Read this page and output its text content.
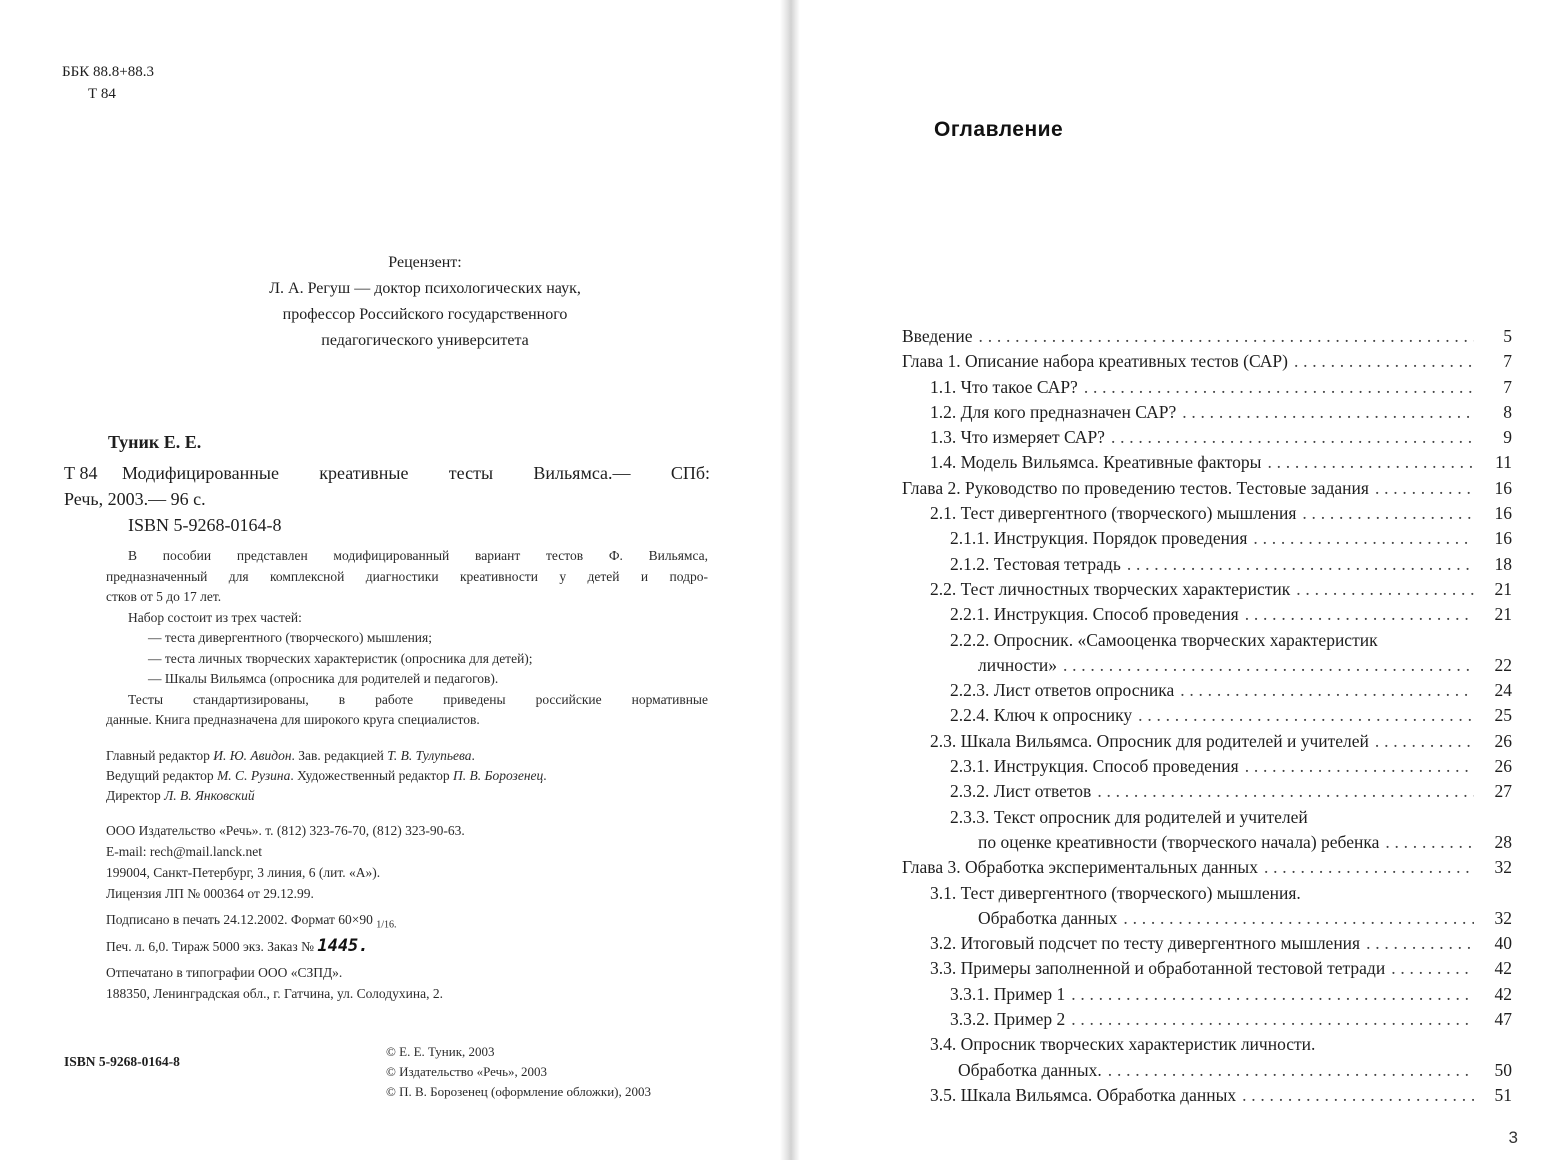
ББК 88.8+88.3
Т 84
Рецензент:
Л. А. Регуш — доктор психологических наук,
профессор Российского государственного
педагогического университета
Туник Е. Е.
Т 84 Модифицированные креативные тесты Вильямса.— СПб:
Речь, 2003.— 96 с.
ISBN 5-9268-0164-8
В пособии представлен модифицированный вариант тестов Ф. Вильямса,
предназначенный для комплексной диагностики креативности у детей и подро-
стков от 5 до 17 лет.
Набор состоит из трех частей:
— теста дивергентного (творческого) мышления;
— теста личных творческих характеристик (опросника для детей);
— Шкалы Вильямса (опросника для родителей и педагогов).
Тесты стандартизированы, в работе приведены российские нормативные
данные. Книга предназначена для широкого круга специалистов.
Главный редактор И. Ю. Авидон. Зав. редакцией Т. В. Тулупьева.
Ведущий редактор М. С. Рузина. Художественный редактор П. В. Борозенец.
Директор Л. В. Янковский
ООО Издательство «Речь». т. (812) 323-76-70, (812) 323-90-63.
E-mail: rech@mail.lanck.net
199004, Санкт-Петербург, 3 линия, 6 (лит. «А»).
Лицензия ЛП № 000364 от 29.12.99.
Подписано в печать 24.12.2002. Формат 60×90 $_{1/16.}$
Печ. л. 6,0. Тираж 5000 экз. Заказ № 1445.
Отпечатано в типографии ООО «СЗПД».
188350, Ленинградская обл., г. Гатчина, ул. Солодухина, 2.
© Е. Е. Туник, 2003
© Издательство «Речь», 2003
© П. В. Борозенец (оформление обложки), 2003
ISBN 5-9268-0164-8
Оглавление
Введение . . .	5
Глава 1. Описание набора креативных тестов (САР) . . .	7
1.1. Что такое САР? . . .	7
1.2. Для кого предназначен САР? . . .	8
1.3. Что измеряет САР? . . .	9
1.4. Модель Вильямса. Креативные факторы . . .	11
Глава 2. Руководство по проведению тестов. Тестовые задания . . .	16
2.1. Тест дивергентного (творческого) мышления . . .	16
2.1.1. Инструкция. Порядок проведения . . .	16
2.1.2. Тестовая тетрадь . . .	18
2.2. Тест личностных творческих характеристик . . .	21
2.2.1. Инструкция. Способ проведения . . .	21
2.2.2. Опросник. «Самооценка творческих характеристик
личности» . . .	22
2.2.3. Лист ответов опросника . . .	24
2.2.4. Ключ к опроснику . . .	25
2.3. Шкала Вильямса. Опросник для родителей и учителей . . .	26
2.3.1. Инструкция. Способ проведения . . .	26
2.3.2. Лист ответов . . .	27
2.3.3. Текст опросник для родителей и учителей
по оценке креативности (творческого начала) ребенка . . .	28
Глава 3. Обработка экспериментальных данных . . .	32
3.1. Тест дивергентного (творческого) мышления.
Обработка данных . . .	32
3.2. Итоговый подсчет по тесту дивергентного мышления . . .	40
3.3. Примеры заполненной и обработанной тестовой тетради . . .	42
3.3.1. Пример 1 . . .	42
3.3.2. Пример 2 . . .	47
3.4. Опросник творческих характеристик личности.
Обработка данных. . . .	50
3.5. Шкала Вильямса. Обработка данных . . .	51
3
